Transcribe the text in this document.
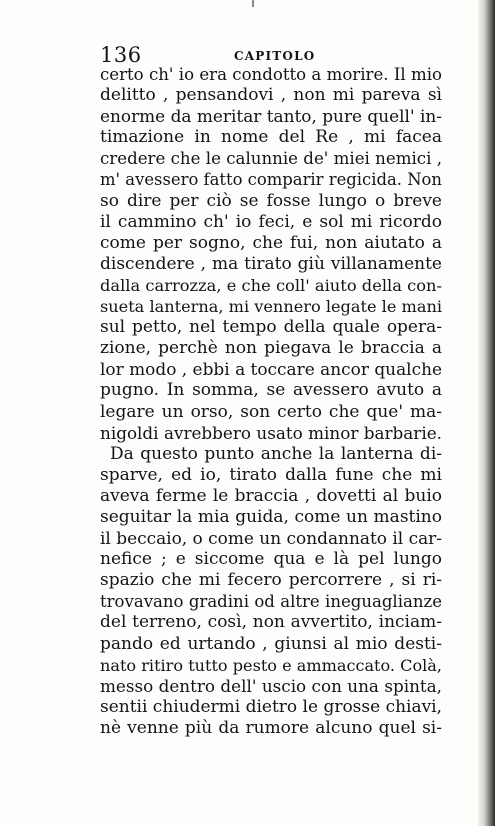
136	CAPITOLO
certo ch' io era condotto a morire. Il mio
delitto , pensandovi , non mi pareva sì
enorme da meritar tanto, pure quell' in-
timazione in nome del Re , mi facea
credere che le calunnie de' miei nemici ,
m' avessero fatto comparir regicida. Non
so dire per ciò se fosse lungo o breve
il cammino ch' io feci, e sol mi ricordo
come per sogno, che fui, non aiutato a
discendere , ma tirato giù villanamente
dalla carrozza, e che coll' aiuto della con-
sueta lanterna, mi vennero legate le mani
sul petto, nel tempo della quale opera-
zione, perchè non piegava le braccia a
lor modo , ebbi a toccare ancor qualche
pugno. In somma, se avessero avuto a
legare un orso, son certo che que' ma-
nigoldi avrebbero usato minor barbarie.
Da questo punto anche la lanterna di-
sparve, ed io, tirato dalla fune che mi
aveva ferme le braccia , dovetti al buio
seguitar la mia guida, come un mastino
il beccaio, o come un condannato il car-
nefice ; e siccome qua e là pel lungo
spazio che mi fecero percorrere , si ri-
trovavano gradini od altre ineguaglianze
del terreno, così, non avvertito, inciam-
pando ed urtando , giunsi al mio desti-
nato ritiro tutto pesto e ammaccato. Colà,
messo dentro dell' uscio con una spinta,
sentii chiudermi dietro le grosse chiavi,
nè venne più da rumore alcuno quel si-
